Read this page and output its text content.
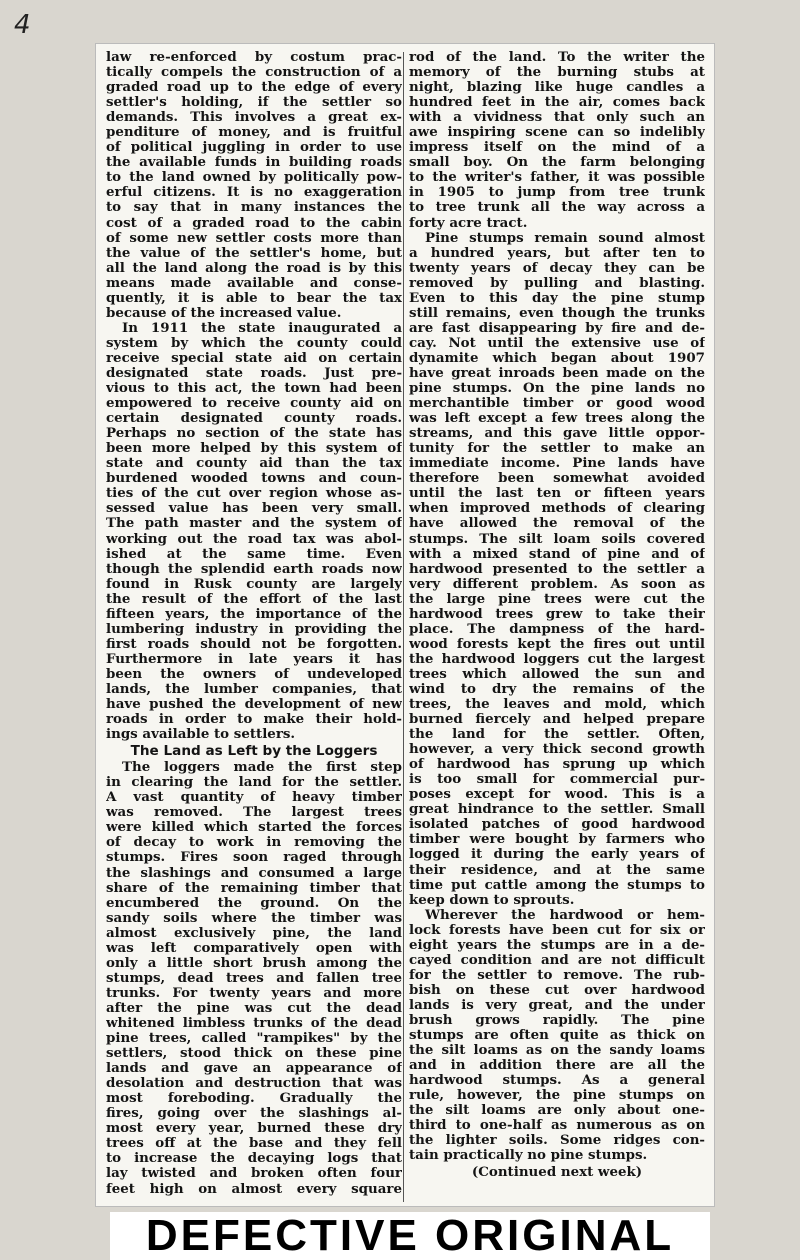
4
law re-enforced by costum prac-
tically compels the construction of a
graded road up to the edge of every
settler's holding, if the settler so
demands. This involves a great ex-
penditure of money, and is fruitful
of political juggling in order to use
the available funds in building roads
to the land owned by politically pow-
erful citizens. It is no exaggeration
to say that in many instances the
cost of a graded road to the cabin
of some new settler costs more than
the value of the settler's home, but
all the land along the road is by this
means made available and conse-
quently, it is able to bear the tax
because of the increased value.
In 1911 the state inaugurated a
system by which the county could
receive special state aid on certain
designated state roads. Just pre-
vious to this act, the town had been
empowered to receive county aid on
certain designated county roads.
Perhaps no section of the state has
been more helped by this system of
state and county aid than the tax
burdened wooded towns and coun-
ties of the cut over region whose as-
sessed value has been very small.
The path master and the system of
working out the road tax was abol-
ished at the same time. Even
though the splendid earth roads now
found in Rusk county are largely
the result of the effort of the last
fifteen years, the importance of the
lumbering industry in providing the
first roads should not be forgotten.
Furthermore in late years it has
been the owners of undeveloped
lands, the lumber companies, that
have pushed the development of new
roads in order to make their hold-
ings available to settlers.
The Land as Left by the Loggers
The loggers made the first step
in clearing the land for the settler.
A vast quantity of heavy timber
was removed. The largest trees
were killed which started the forces
of decay to work in removing the
stumps. Fires soon raged through
the slashings and consumed a large
share of the remaining timber that
encumbered the ground. On the
sandy soils where the timber was
almost exclusively pine, the land
was left comparatively open with
only a little short brush among the
stumps, dead trees and fallen tree
trunks. For twenty years and more
after the pine was cut the dead
whitened limbless trunks of the dead
pine trees, called "rampikes" by the
settlers, stood thick on these pine
lands and gave an appearance of
desolation and destruction that was
most foreboding. Gradually the
fires, going over the slashings al-
most every year, burned these dry
trees off at the base and they fell
to increase the decaying logs that
lay twisted and broken often four
feet high on almost every square
rod of the land. To the writer the
memory of the burning stubs at
night, blazing like huge candles a
hundred feet in the air, comes back
with a vividness that only such an
awe inspiring scene can so indelibly
impress itself on the mind of a
small boy. On the farm belonging
to the writer's father, it was possible
in 1905 to jump from tree trunk
to tree trunk all the way across a
forty acre tract.
Pine stumps remain sound almost
a hundred years, but after ten to
twenty years of decay they can be
removed by pulling and blasting.
Even to this day the pine stump
still remains, even though the trunks
are fast disappearing by fire and de-
cay. Not until the extensive use of
dynamite which began about 1907
have great inroads been made on the
pine stumps. On the pine lands no
merchantible timber or good wood
was left except a few trees along the
streams, and this gave little oppor-
tunity for the settler to make an
immediate income. Pine lands have
therefore been somewhat avoided
until the last ten or fifteen years
when improved methods of clearing
have allowed the removal of the
stumps. The silt loam soils covered
with a mixed stand of pine and of
hardwood presented to the settler a
very different problem. As soon as
the large pine trees were cut the
hardwood trees grew to take their
place. The dampness of the hard-
wood forests kept the fires out until
the hardwood loggers cut the largest
trees which allowed the sun and
wind to dry the remains of the
trees, the leaves and mold, which
burned fiercely and helped prepare
the land for the settler. Often,
however, a very thick second growth
of hardwood has sprung up which
is too small for commercial pur-
poses except for wood. This is a
great hindrance to the settler. Small
isolated patches of good hardwood
timber were bought by farmers who
logged it during the early years of
their residence, and at the same
time put cattle among the stumps to
keep down to sprouts.
Wherever the hardwood or hem-
lock forests have been cut for six or
eight years the stumps are in a de-
cayed condition and are not difficult
for the settler to remove. The rub-
bish on these cut over hardwood
lands is very great, and the under
brush grows rapidly. The pine
stumps are often quite as thick on
the silt loams as on the sandy loams
and in addition there are all the
hardwood stumps. As a general
rule, however, the pine stumps on
the silt loams are only about one-
third to one-half as numerous as on
the lighter soils. Some ridges con-
tain practically no pine stumps.
(Continued next week)
DEFECTIVE ORIGINAL
